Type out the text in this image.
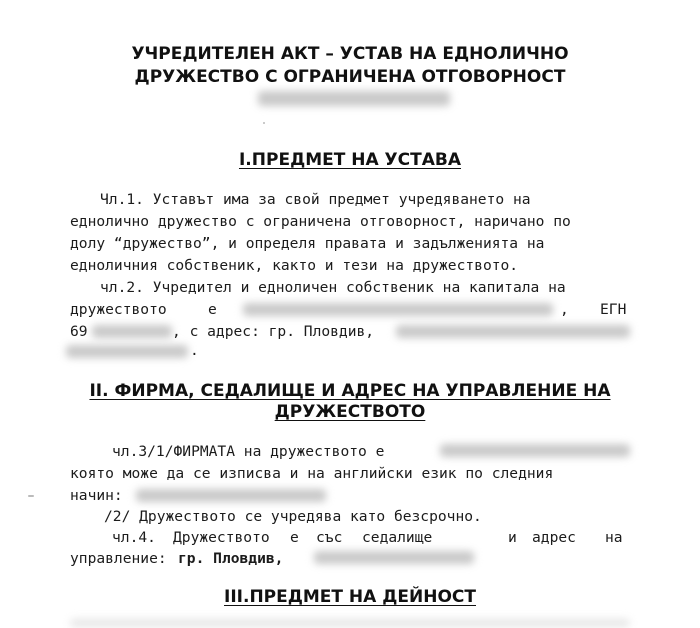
УЧРЕДИТЕЛЕН АКТ – УСТАВ НА ЕДНОЛИЧНО
ДРУЖЕСТВО С ОГРАНИЧЕНА ОТГОВОРНОСТ
I.ПРЕДМЕТ НА УСТАВА
Чл.1. Уставът има за свой предмет учредяването на
еднолично дружество с ограничена отговорност, наричано по
долу “дружество”, и определя правата и задълженията на
едноличния собственик, както и тези на дружеството.
чл.2. Учредител и едноличен собственик на капитала на
дружеството	е	, ЕГН
69	, с адрес: гр. Пловдив,
.
II. ФИРМА, СЕДАЛИЩЕ И АДРЕС НА УПРАВЛЕНИЕ НА
ДРУЖЕСТВОТО
чл.3/1/ФИРМАТА на дружеството е
която може да се изписва и на английски език по следния
начин:
/2/ Дружеството се учредява като безсрочно.
чл.4. Дружеството е със седалище	и адрес на
управление: гр. Пловдив,
III.ПРЕДМЕТ НА ДЕЙНОСТ
